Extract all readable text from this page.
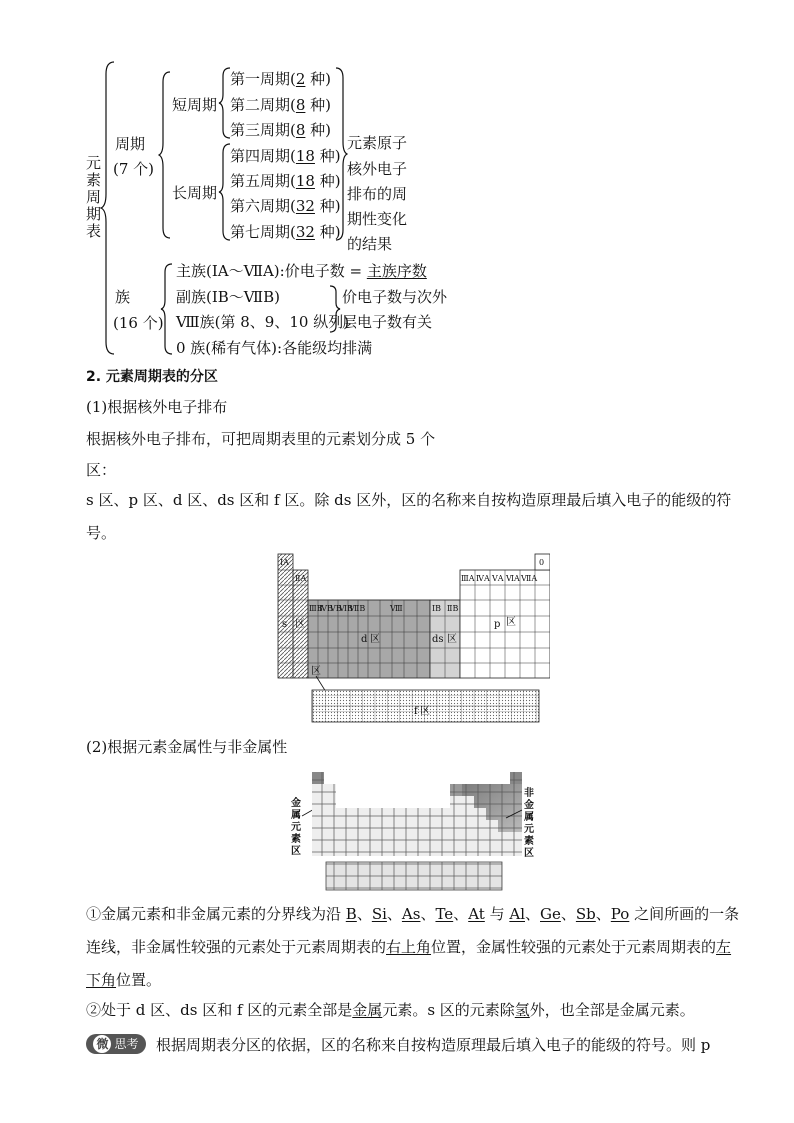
元素周期表
周期
(7 个)
短周期
第一周期(2 种)
第二周期(8 种)
第三周期(8 种)
长周期
第四周期(18 种)
第五周期(18 种)
第六周期(32 种)
第七周期(32 种)
元素原子
核外电子
排布的周
期性变化
的结果
族
(16 个)
主族(ⅠA～ⅦA):价电子数 = 主族序数
副族(ⅠB～ⅦB)
Ⅷ族(第 8、9、10 纵列)
0 族(稀有气体):各能级均排满
价电子数与次外
层电子数有关
2. 元素周期表的分区
(1)根据核外电子排布
根据核外电子排布，可把周期表里的元素划分成 5 个
区：
s 区、p 区、d 区、ds 区和 f 区。除 ds 区外，区的名称来自按构造原理最后填入电子的能级的符号。
ⅠA
ⅡA
0
ⅢA ⅣA ⅤA ⅥA ⅦA
ⅢB
ⅣB
ⅤB
ⅥB
ⅦB	Ⅷ	ⅠB ⅡB
s 区
d 区	ds 区
p 区
区
f 区
(2)根据元素金属性与非金属性
金
属
元
素
区
非
金
属
元
素
区
①金属元素和非金属元素的分界线为沿 B、Si、As、Te、At 与 Al、Ge、Sb、Po 之间所画的一条连线，非金属性较强的元素处于元素周期表的右上角位置，金属性较强的元素处于元素周期表的左下角位置。
②处于 d 区、ds 区和 f 区的元素全部是金属元素。s 区的元素除氢外，也全部是金属元素。
微 思考	根据周期表分区的依据，区的名称来自按构造原理最后填入电子的能级的符号。则 p
